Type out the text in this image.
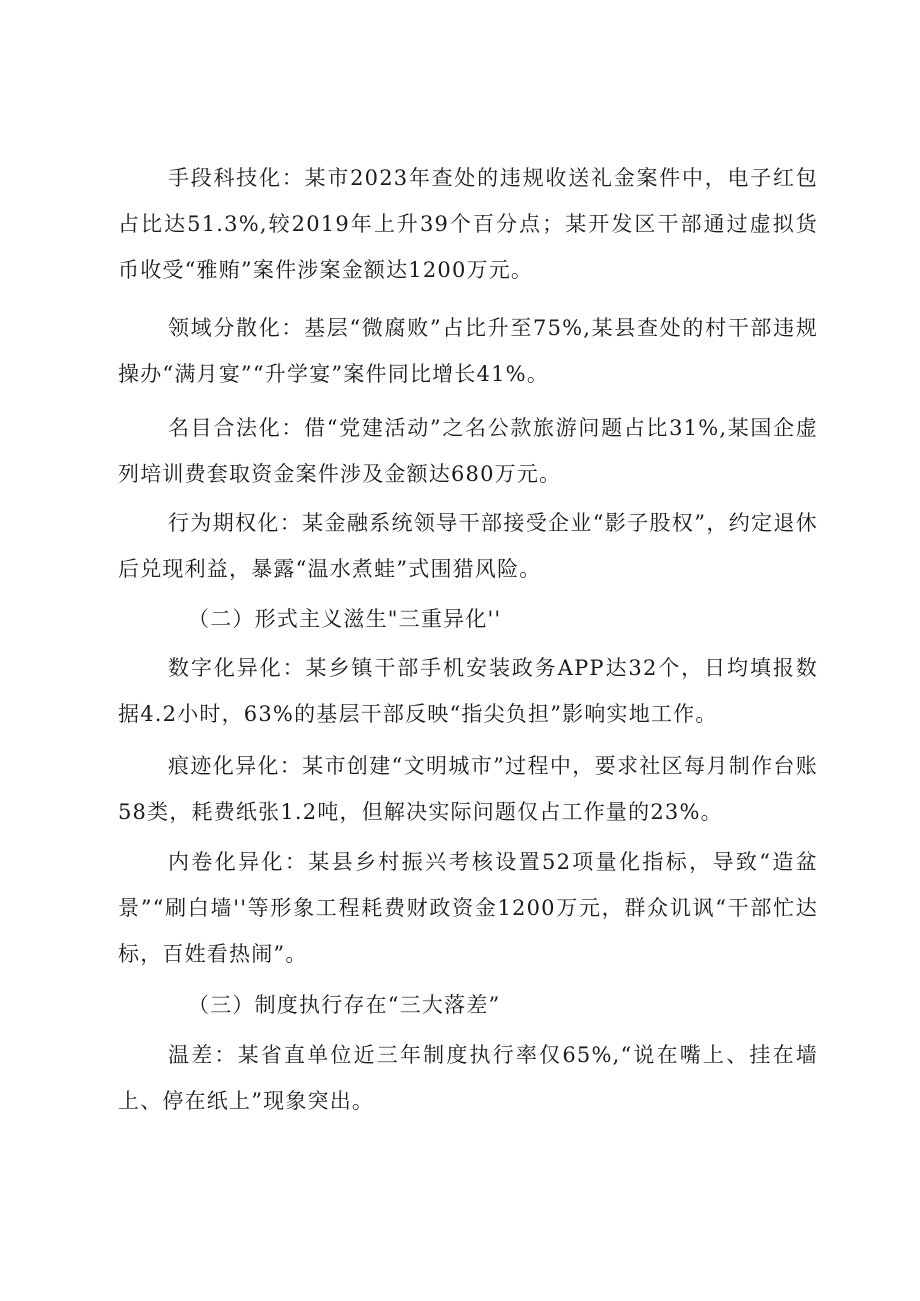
手段科技化：某市2023年查处的违规收送礼金案件中，电子红包占比达51.3%,较2019年上升39个百分点；某开发区干部通过虚拟货币收受“雅贿”案件涉案金额达1200万元。

领域分散化：基层“微腐败”占比升至75%,某县查处的村干部违规操办“满月宴”“升学宴”案件同比增长41%。

名目合法化：借“党建活动”之名公款旅游问题占比31%,某国企虚列培训费套取资金案件涉及金额达680万元。

行为期权化：某金融系统领导干部接受企业“影子股权”，约定退休后兑现利益，暴露“温水煮蛙”式围猎风险。

（二）形式主义滋生"三重异化''

数字化异化：某乡镇干部手机安装政务APP达32个，日均填报数据4.2小时，63%的基层干部反映“指尖负担”影响实地工作。

痕迹化异化：某市创建“文明城市”过程中，要求社区每月制作台账58类，耗费纸张1.2吨，但解决实际问题仅占工作量的23%。

内卷化异化：某县乡村振兴考核设置52项量化指标，导致“造盆景”“刷白墙''等形象工程耗费财政资金1200万元，群众讥讽“干部忙达标，百姓看热闹”。

（三）制度执行存在“三大落差”

温差：某省直单位近三年制度执行率仅65%,“说在嘴上、挂在墙上、停在纸上”现象突出。
